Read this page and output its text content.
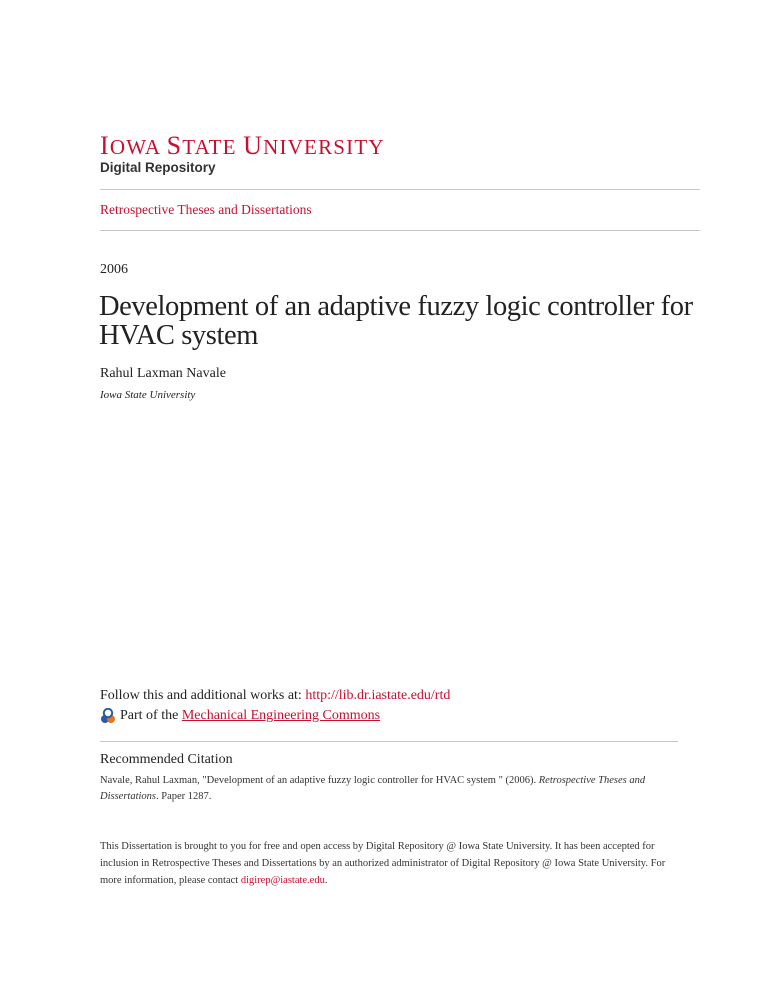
IOWA STATE UNIVERSITY
Digital Repository
Retrospective Theses and Dissertations
2006
Development of an adaptive fuzzy logic controller for HVAC system
Rahul Laxman Navale
Iowa State University
Follow this and additional works at: http://lib.dr.iastate.edu/rtd
Part of the
Mechanical Engineering Commons
Recommended Citation
Navale, Rahul Laxman, "Development of an adaptive fuzzy logic controller for HVAC system " (2006). Retrospective Theses and Dissertations. Paper 1287.
This Dissertation is brought to you for free and open access by Digital Repository @ Iowa State University. It has been accepted for inclusion in Retrospective Theses and Dissertations by an authorized administrator of Digital Repository @ Iowa State University. For more information, please contact digirep@iastate.edu.
